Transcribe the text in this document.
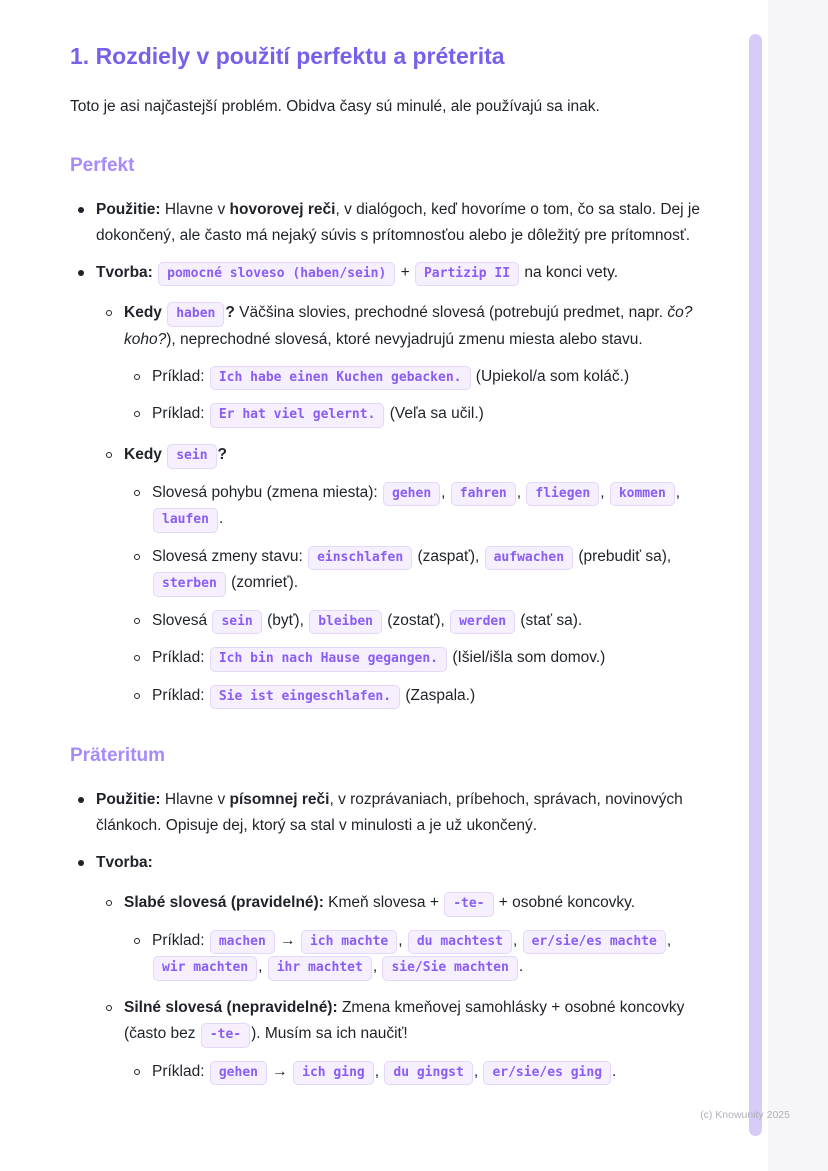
1. Rozdiely v použití perfektu a préterita

Toto je asi najčastejší problém. Obidva časy sú minulé, ale používajú sa inak.

Perfekt
Použitie: Hlavne v hovorovej reči, v dialógoch, keď hovoríme o tom, čo sa stalo. Dej je dokončený, ale často má nejaký súvis s prítomnosťou alebo je dôležitý pre prítomnosť.
Tvorba: pomocné sloveso (haben/sein) + Partizip II na konci vety.
Kedy haben ? Väčšina slovies, prechodné slovesá (potrebujú predmet, napr. čo? koho?), neprechodné slovesá, ktoré nevyjadrujú zmenu miesta alebo stavu.
Príklad: Ich habe einen Kuchen gebacken. (Upiekol/a som koláč.)
Príklad: Er hat viel gelernt. (Veľa sa učil.)
Kedy sein ?
Slovesá pohybu (zmena miesta): gehen , fahren , fliegen , kommen , laufen .
Slovesá zmeny stavu: einschlafen (zaspať), aufwachen (prebudiť sa), sterben (zomrieť).
Slovesá sein (byť), bleiben (zostať), werden (stať sa).
Príklad: Ich bin nach Hause gegangen. (Išiel/išla som domov.)
Príklad: Sie ist eingeschlafen. (Zaspala.)
Präteritum
Použitie: Hlavne v písomnej reči, v rozprávaniach, príbehoch, správach, novinových článkoch. Opisuje dej, ktorý sa stal v minulosti a je už ukončený.
Tvorba:
Slabé slovesá (pravidelné): Kmeň slovesa + -te- + osobné koncovky.
Príklad: machen → ich machte , du machtest , er/sie/es machte , wir machten , ihr machtet , sie/Sie machten .
Silné slovesá (nepravidelné): Zmena kmeňovej samohlásky + osobné koncovky (často bez -te- ). Musím sa ich naučiť!
Príklad: gehen → ich ging , du gingst , er/sie/es ging .
(c) Knowunity 2025
